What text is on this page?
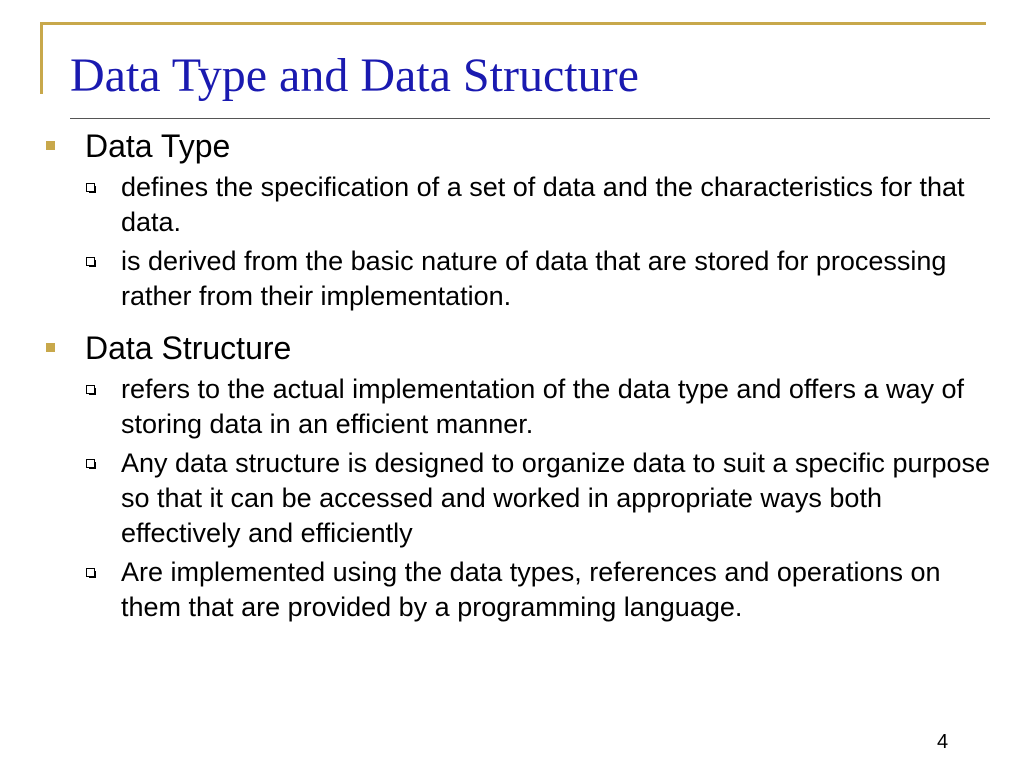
Data Type and Data Structure
Data Type
defines the specification of a set of data and the characteristics for that data.
is derived from the basic nature of data that are stored for processing rather from their implementation.
Data Structure
refers to the actual implementation of the data type and offers a way of storing data in an efficient manner.
Any data structure is designed to organize data to suit a specific purpose so that it can be accessed and worked in appropriate ways both effectively and efficiently
Are implemented using the data types, references and operations on them that are provided by a programming language.
4
